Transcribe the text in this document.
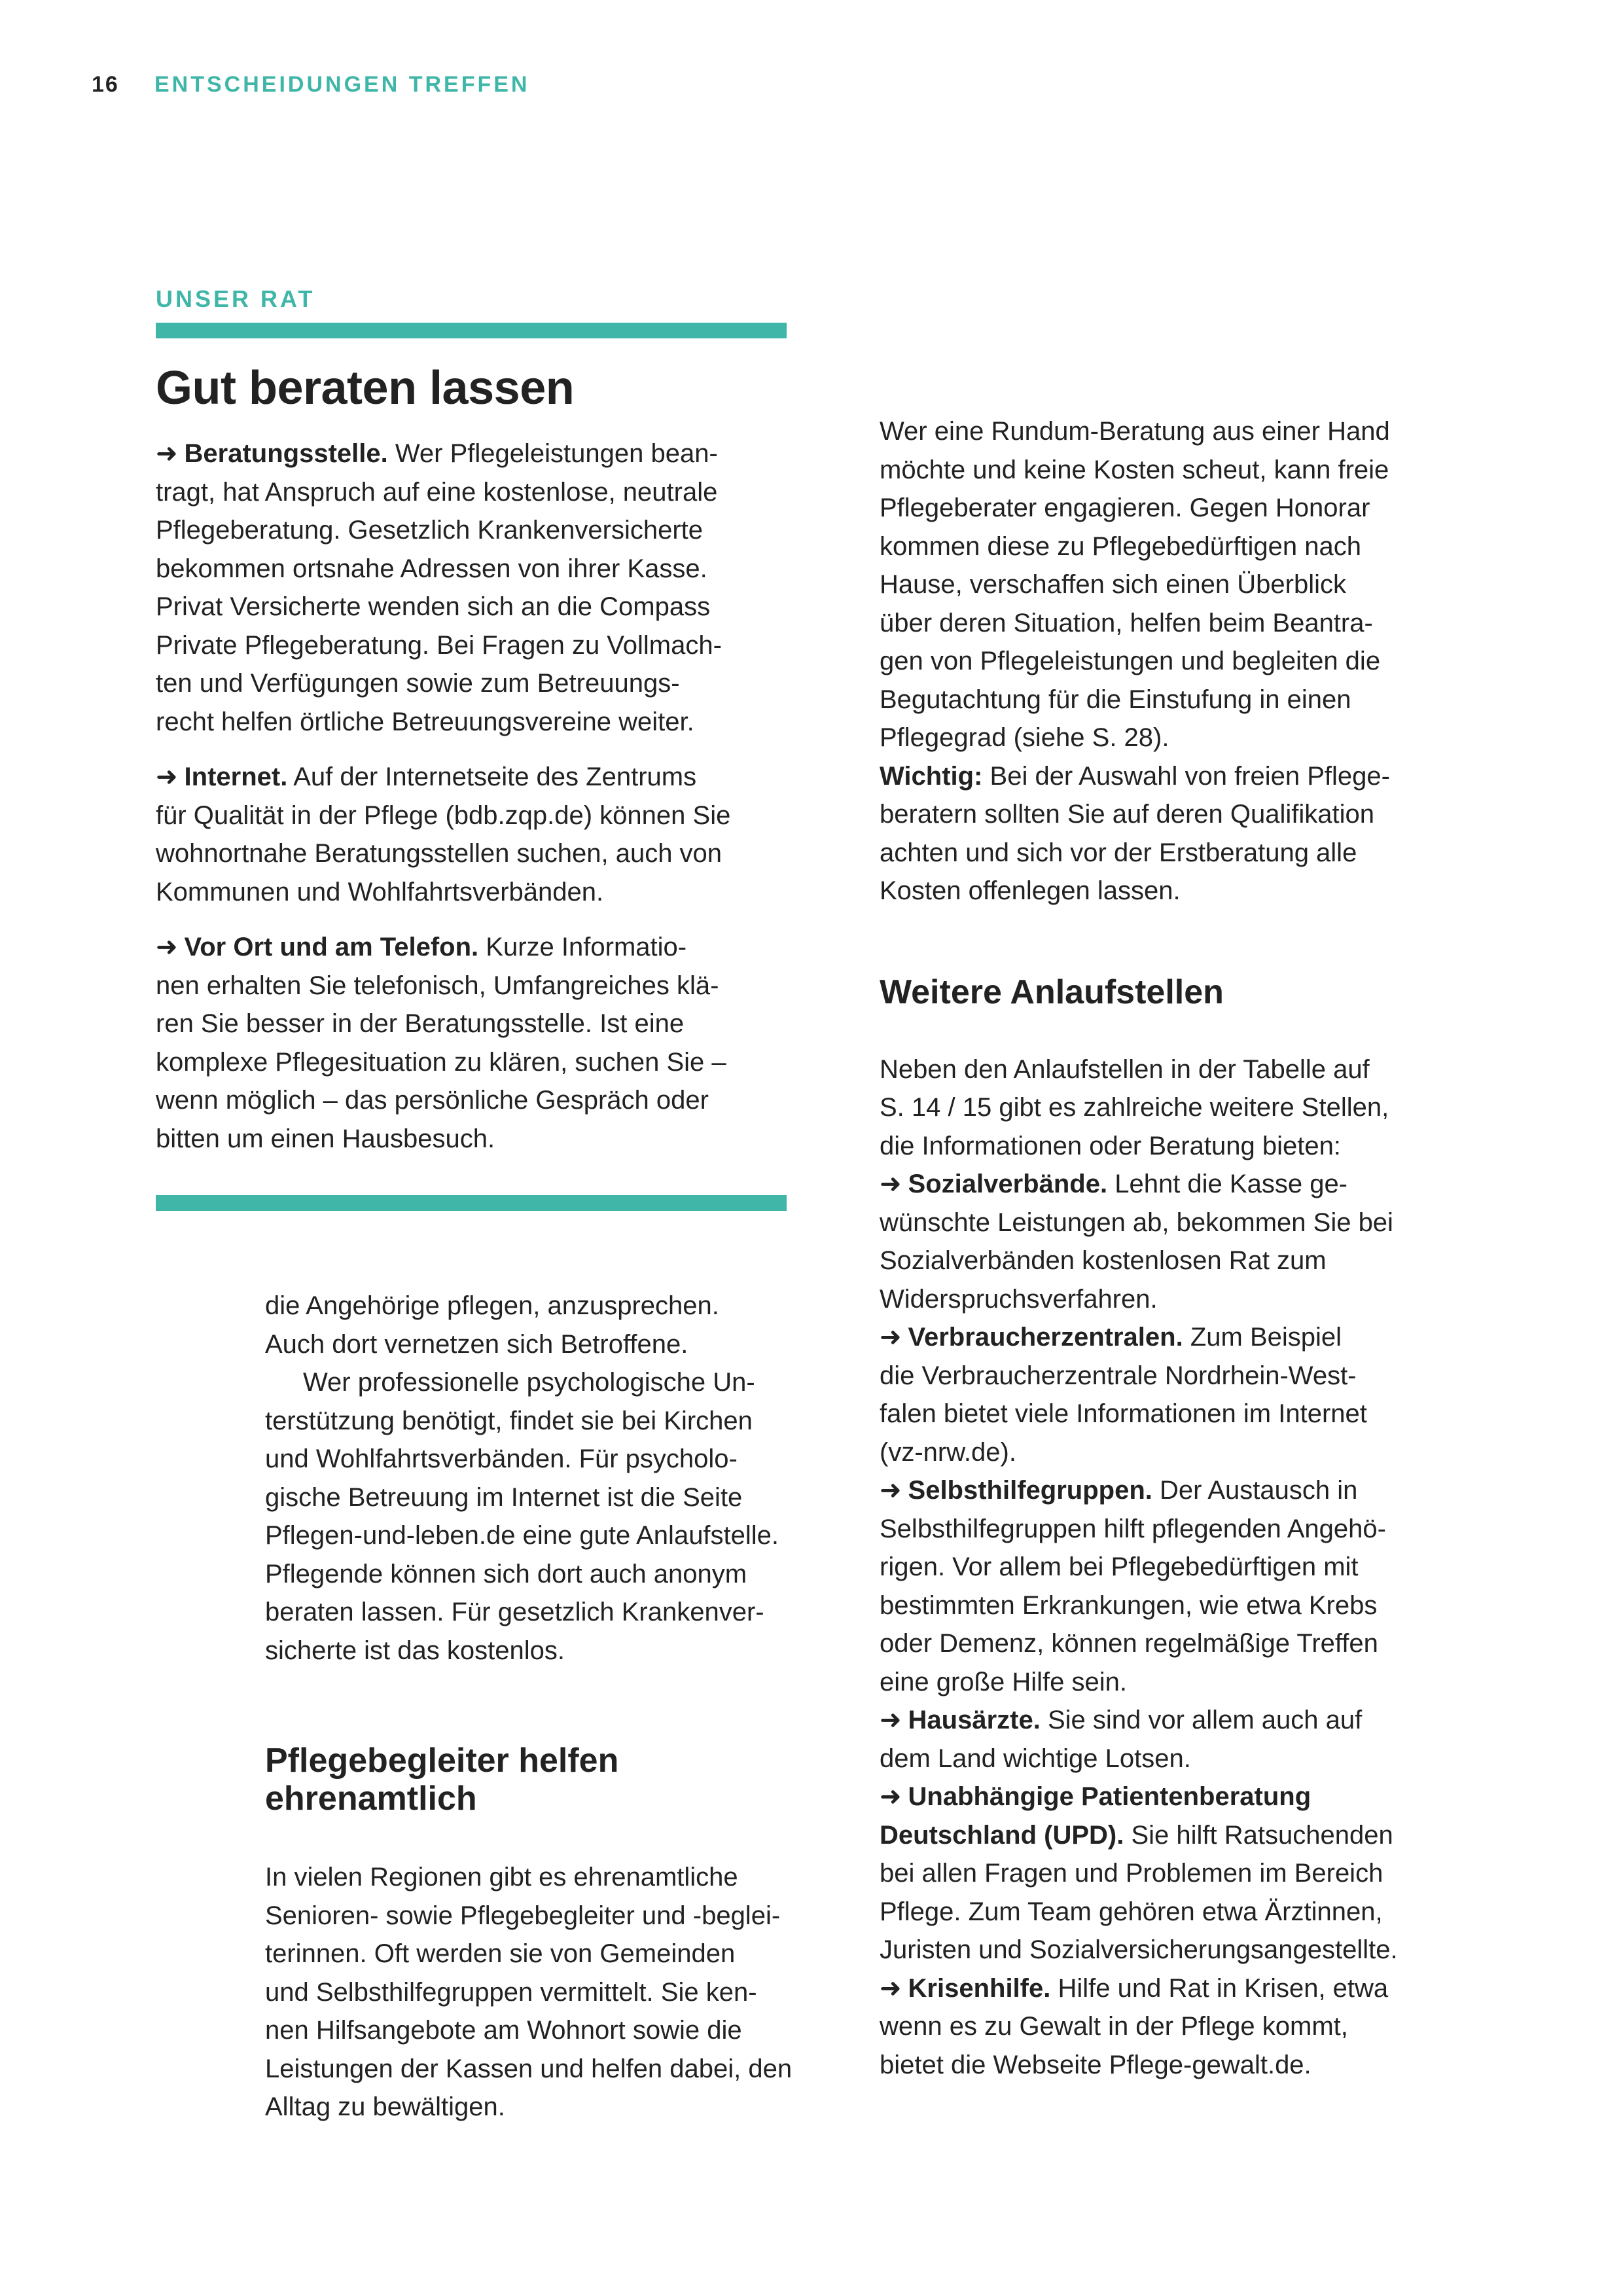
16 ENTSCHEIDUNGEN TREFFEN
UNSER RAT
Gut beraten lassen

➜ Beratungsstelle. Wer Pflegeleistungen bean-

tragt, hat Anspruch auf eine kostenlose, neutrale

Pflegeberatung. Gesetzlich Krankenversicherte

bekommen ortsnahe Adressen von ihrer Kasse.

Privat Versicherte wenden sich an die Compass

Private Pflegeberatung. Bei Fragen zu Vollmach-

ten und Verfügungen sowie zum Betreuungs-

recht helfen örtliche Betreuungsvereine weiter.

➜ Internet. Auf der Internetseite des Zentrums

für Qualität in der Pflege (bdb.zqp.de) können Sie

wohnortnahe Beratungsstellen suchen, auch von

Kommunen und Wohlfahrtsverbänden.

➜ Vor Ort und am Telefon. Kurze Informatio-

nen erhalten Sie telefonisch, Umfangreiches klä-

ren Sie besser in der Beratungsstelle. Ist eine

komplexe Pflegesituation zu klären, suchen Sie –

wenn möglich – das persönliche Gespräch oder

bitten um einen Hausbesuch.

die Angehörige pflegen, anzusprechen.

Auch dort vernetzen sich Betroffene.

Wer professionelle psychologische Un-

terstützung benötigt, findet sie bei Kirchen

und Wohlfahrtsverbänden. Für psycholo-

gische Betreuung im Internet ist die Seite

Pflegen-und-leben.de eine gute Anlaufstelle.

Pflegende können sich dort auch anonym

beraten lassen. Für gesetzlich Krankenver-

sicherte ist das kostenlos.

Pflegebegleiter helfen
ehrenamtlich

In vielen Regionen gibt es ehrenamtliche

Senioren- sowie Pflegebegleiter und -beglei-

terinnen. Oft werden sie von Gemeinden

und Selbsthilfegruppen vermittelt. Sie ken-

nen Hilfsangebote am Wohnort sowie die

Leistungen der Kassen und helfen dabei, den

Alltag zu bewältigen.

Wer eine Rundum-Beratung aus einer Hand

möchte und keine Kosten scheut, kann freie

Pflegeberater engagieren. Gegen Honorar

kommen diese zu Pflegebedürftigen nach

Hause, verschaffen sich einen Überblick

über deren Situation, helfen beim Beantra-

gen von Pflegeleistungen und begleiten die

Begutachtung für die Einstufung in einen

Pflegegrad (siehe S. 28).

Wichtig: Bei der Auswahl von freien Pflege-

beratern sollten Sie auf deren Qualifikation

achten und sich vor der Erstberatung alle

Kosten offenlegen lassen.

Weitere Anlaufstellen

Neben den Anlaufstellen in der Tabelle auf

S. 14 / 15 gibt es zahlreiche weitere Stellen,

die Informationen oder Beratung bieten:

➜ Sozialverbände. Lehnt die Kasse ge-

wünschte Leistungen ab, bekommen Sie bei

Sozialverbänden kostenlosen Rat zum

Widerspruchsverfahren.

➜ Verbraucherzentralen. Zum Beispiel

die Verbraucherzentrale Nordrhein-West-

falen bietet viele Informationen im Internet

(vz-nrw.de).

➜ Selbsthilfegruppen. Der Austausch in

Selbsthilfegruppen hilft pflegenden Angehö-

rigen. Vor allem bei Pflegebedürftigen mit

bestimmten Erkrankungen, wie etwa Krebs

oder Demenz, können regelmäßige Treffen

eine große Hilfe sein.

➜ Hausärzte. Sie sind vor allem auch auf

dem Land wichtige Lotsen.

➜ Unabhängige Patientenberatung

Deutschland (UPD). Sie hilft Ratsuchenden

bei allen Fragen und Problemen im Bereich

Pflege. Zum Team gehören etwa Ärztinnen,

Juristen und Sozialversicherungsangestellte.

➜ Krisenhilfe. Hilfe und Rat in Krisen, etwa

wenn es zu Gewalt in der Pflege kommt,

bietet die Webseite Pflege-gewalt.de.
